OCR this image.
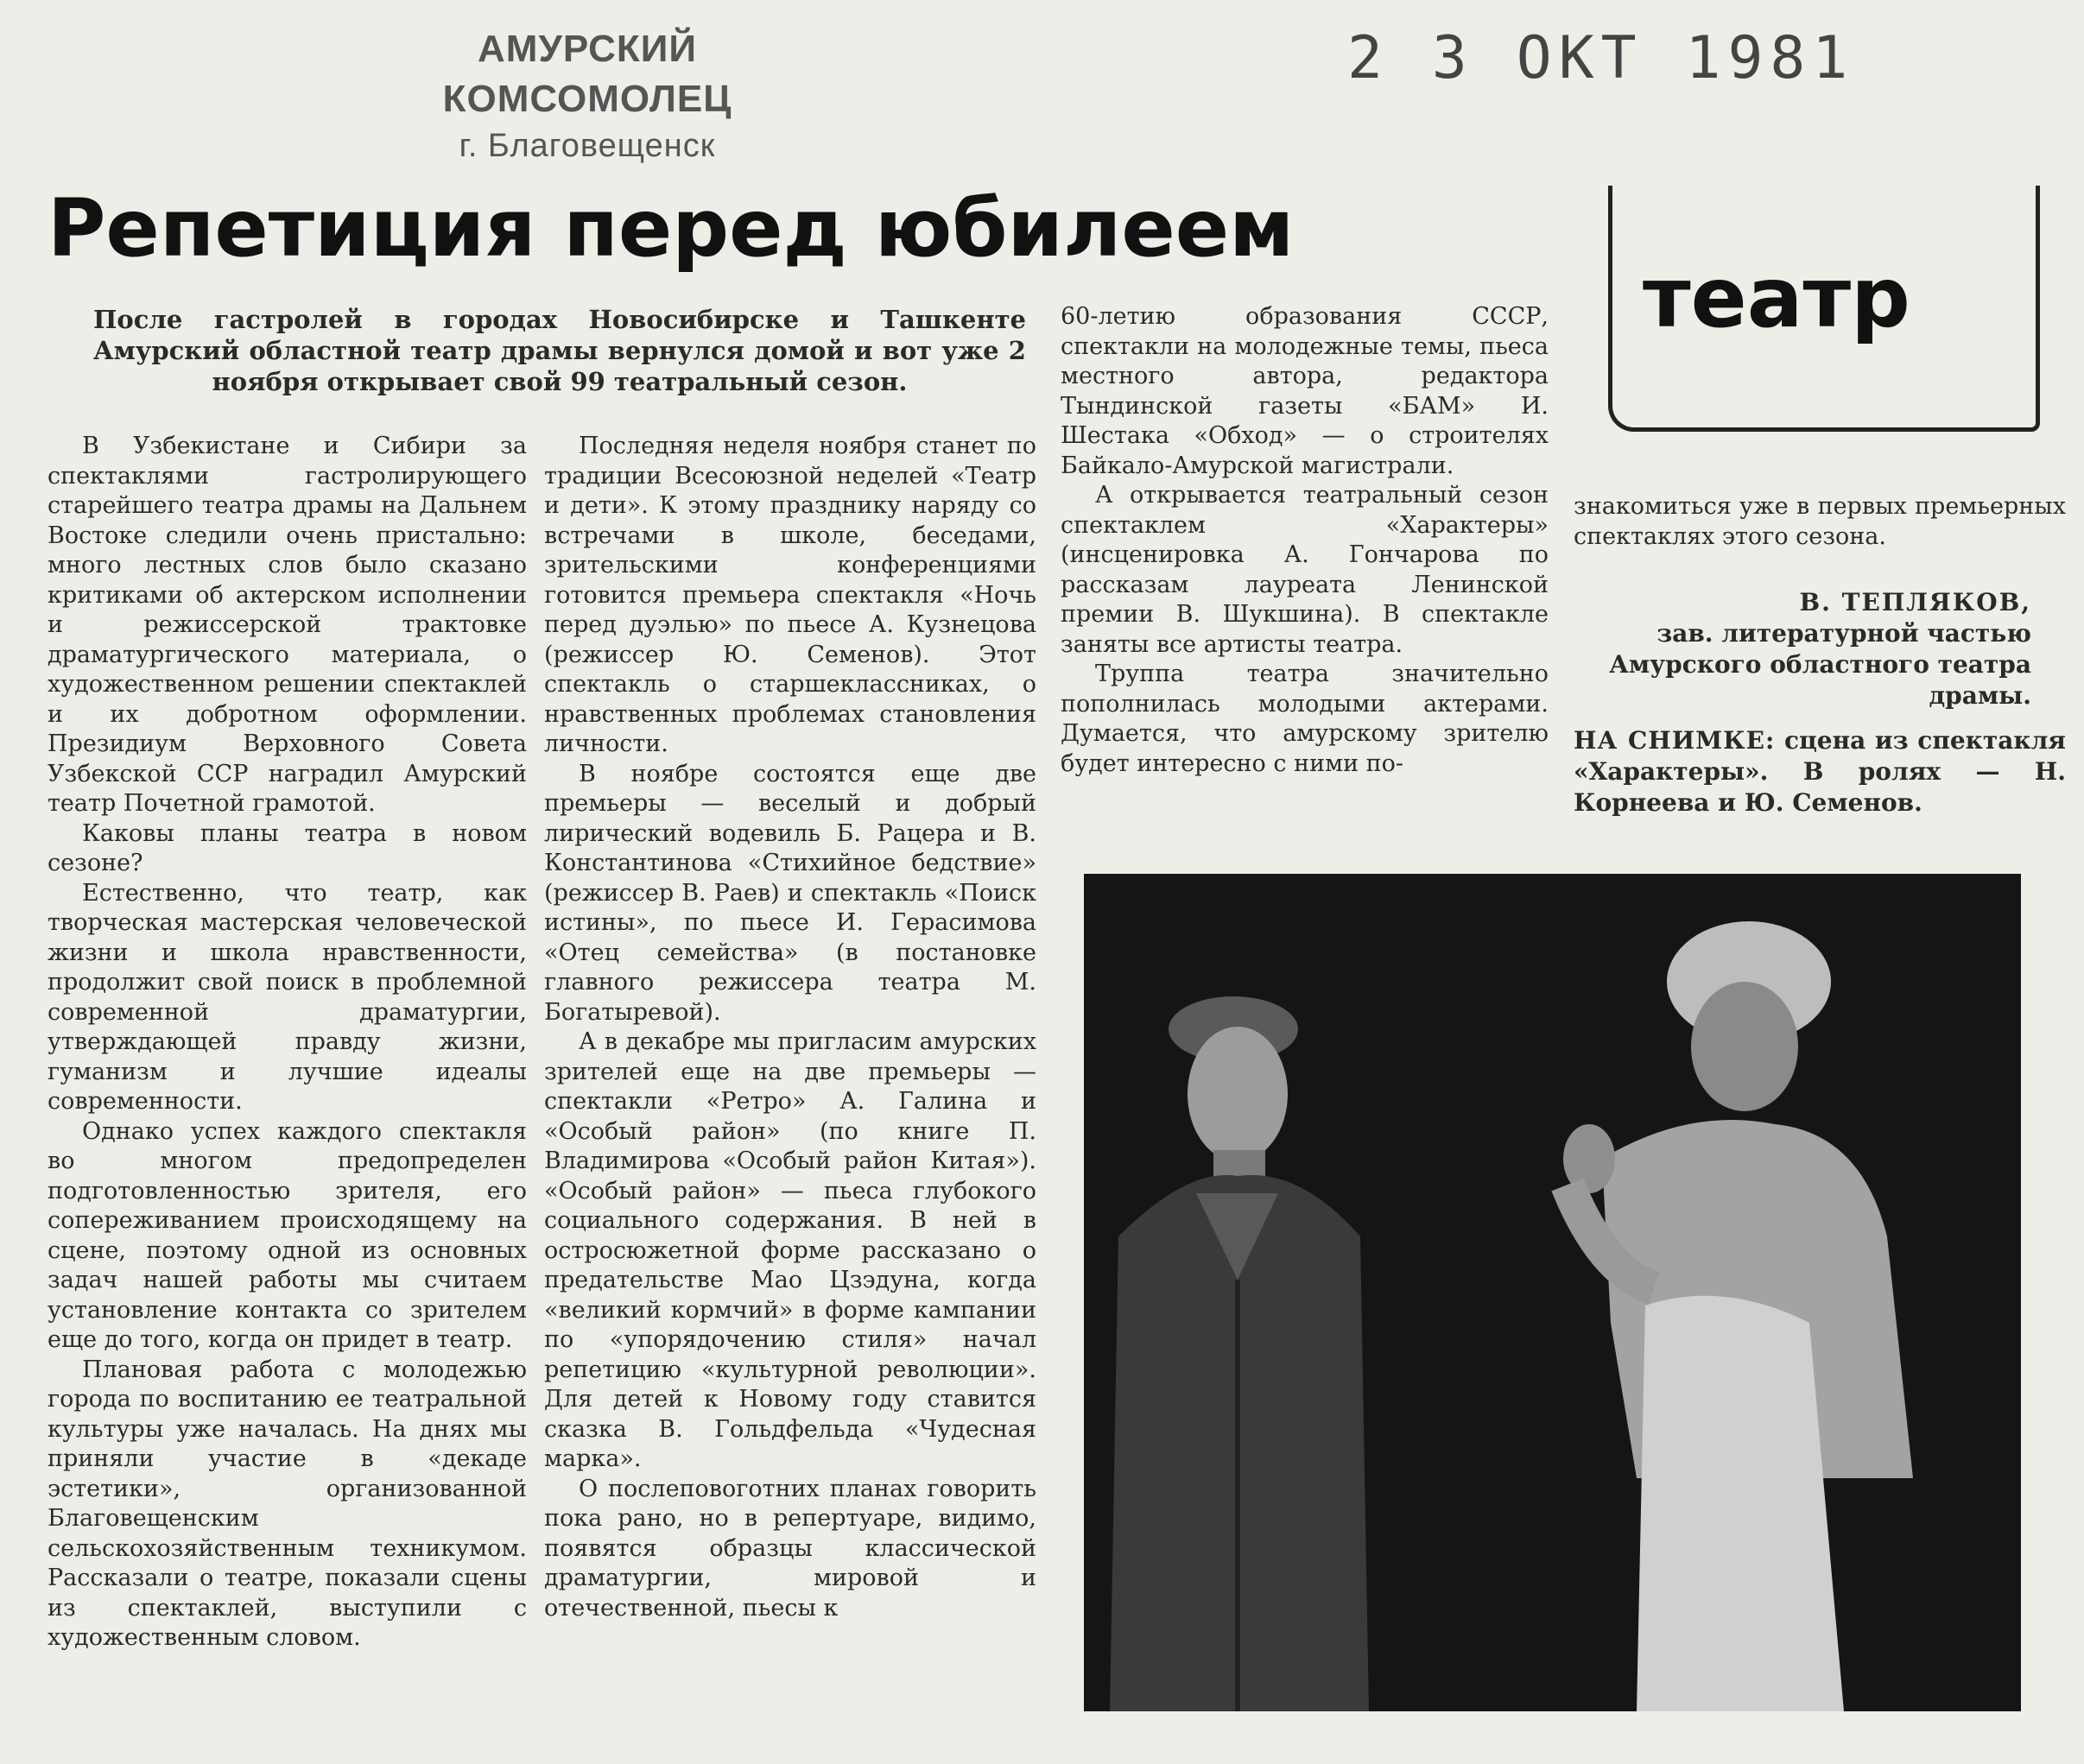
АМУРСКИЙ КОМСОМОЛЕЦ
г. Благовещенск
2 3 ОКТ 1981
Репетиция перед юбилеем
театр
После гастролей в городах Новосибирске и Ташкенте Амурский областной театр драмы вернулся домой и вот уже 2 ноября открывает свой 99 театральный сезон.

В Узбекистане и Сибири за спектаклями гастролирующего старейшего театра драмы на Дальнем Востоке следили очень пристально: много лестных слов было сказано критиками об актерском исполнении и режиссерской трактовке драматургического материала, о художественном решении спектаклей и их добротном оформлении. Президиум Верховного Совета Узбекской ССР наградил Амурский театр Почетной грамотой.

Каковы планы театра в новом сезоне?

Естественно, что театр, как творческая мастерская человеческой жизни и школа нравственности, продолжит свой поиск в проблемной современной драматургии, утверждающей правду жизни, гуманизм и лучшие идеалы современности.

Однако успех каждого спектакля во многом предопределен подготовленностью зрителя, его сопереживанием происходящему на сцене, поэтому одной из основных задач нашей работы мы считаем установление контакта со зрителем еще до того, когда он придет в театр.

Плановая работа с молодежью города по воспитанию ее театральной культуры уже началась. На днях мы приняли участие в «декаде эстетики», организованной Благовещенским сельскохозяйственным техникумом. Рассказали о театре, показали сцены из спектаклей, выступили с художественным словом.

Последняя неделя ноября станет по традиции Всесоюзной неделей «Театр и дети». К этому празднику наряду со встречами в школе, беседами, зрительскими конференциями готовится премьера спектакля «Ночь перед дуэлью» по пьесе А. Кузнецова (режиссер Ю. Семенов). Этот спектакль о старшеклассниках, о нравственных проблемах становления личности.

В ноябре состоятся еще две премьеры — веселый и добрый лирический водевиль Б. Рацера и В. Константинова «Стихийное бедствие» (режиссер В. Раев) и спектакль «Поиск истины», по пьесе И. Герасимова «Отец семейства» (в постановке главного режиссера театра М. Богатыревой).

А в декабре мы пригласим амурских зрителей еще на две премьеры — спектакли «Ретро» А. Галина и «Особый район» (по книге П. Владимирова «Особый район Китая»). «Особый район» — пьеса глубокого социального содержания. В ней в остросюжетной форме рассказано о предательстве Мао Цзэдуна, когда «великий кормчий» в форме кампании по «упорядочению стиля» начал репетицию «культурной революции». Для детей к Новому году ставится сказка В. Гольдфельда «Чудесная марка».

О послеповоготних планах говорить пока рано, но в репертуаре, видимо, появятся образцы классической драматургии, мировой и отечественной, пьесы к

60-летию образования СССР, спектакли на молодежные темы, пьеса местного автора, редактора Тындинской газеты «БАМ» И. Шестака «Обход» — о строителях Байкало-Амурской магистрали.

А открывается театральный сезон спектаклем «Характеры» (инсценировка А. Гончарова по рассказам лауреата Ленинской премии В. Шукшина). В спектакле заняты все артисты театра.

Труппа театра значительно пополнилась молодыми актерами. Думается, что амурскому зрителю будет интересно с ними по-

знакомиться уже в первых премьерных спектаклях этого сезона.

В. ТЕПЛЯКОВ,
зав. литературной частью Амурского областного театра драмы.
НА СНИМКЕ: сцена из спектакля «Характеры». В ролях — Н. Корнеева и Ю. Семенов.
